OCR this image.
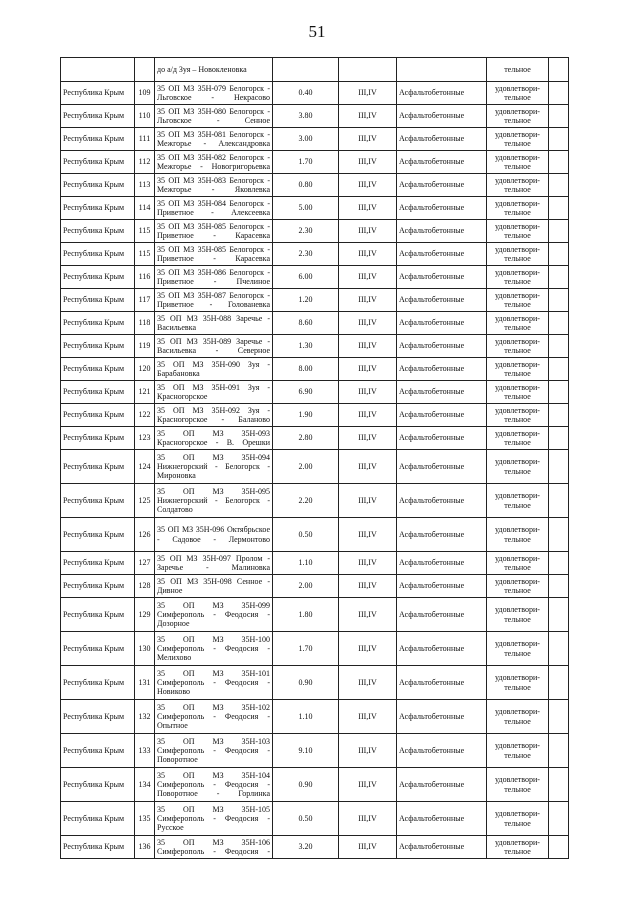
51
		до а/д Зуя – Новокленовка				тельное	
Республика Крым	109	35 ОП МЗ 35Н-079 Белогорск - Льговское - Некрасово	0.40	III,IV	Асфальтобетонные	удовлетвори-тельное	
Республика Крым	110	35 ОП МЗ 35Н-080 Белогорск - Льговское - Сенное	3.80	III,IV	Асфальтобетонные	удовлетвори-тельное	
Республика Крым	111	35 ОП МЗ 35Н-081 Белогорск - Межгорье - Александровка	3.00	III,IV	Асфальтобетонные	удовлетвори-тельное	
Республика Крым	112	35 ОП МЗ 35Н-082 Белогорск - Межгорье - Новогригорьевка	1.70	III,IV	Асфальтобетонные	удовлетвори-тельное	
Республика Крым	113	35 ОП МЗ 35Н-083 Белогорск - Межгорье - Яковлевка	0.80	III,IV	Асфальтобетонные	удовлетвори-тельное	
Республика Крым	114	35 ОП МЗ 35Н-084 Белогорск - Приветное - Алексеевка	5.00	III,IV	Асфальтобетонные	удовлетвори-тельное	
Республика Крым	115	35 ОП МЗ 35Н-085 Белогорск - Приветное - Карасевка	2.30	III,IV	Асфальтобетонные	удовлетвори-тельное	
Республика Крым	115	35 ОП МЗ 35Н-085 Белогорск - Приветное - Карасевка	2.30	III,IV	Асфальтобетонные	удовлетвори-тельное	
Республика Крым	116	35 ОП МЗ 35Н-086 Белогорск - Приветное - Пчелиное	6.00	III,IV	Асфальтобетонные	удовлетвори-тельное	
Республика Крым	117	35 ОП МЗ 35Н-087 Белогорск - Приветное - Голованевка	1.20	III,IV	Асфальтобетонные	удовлетвори-тельное	
Республика Крым	118	35 ОП МЗ 35Н-088 Заречье - Васильевка	8.60	III,IV	Асфальтобетонные	удовлетвори-тельное	
Республика Крым	119	35 ОП МЗ 35Н-089 Заречье - Васильевка - Северное	1.30	III,IV	Асфальтобетонные	удовлетвори-тельное	
Республика Крым	120	35 ОП МЗ 35Н-090 Зуя - Барабановка	8.00	III,IV	Асфальтобетонные	удовлетвори-тельное	
Республика Крым	121	35 ОП МЗ 35Н-091 Зуя - Красногорское	6.90	III,IV	Асфальтобетонные	удовлетвори-тельное	
Республика Крым	122	35 ОП МЗ 35Н-092 Зуя - Красногорское - Баланово	1.90	III,IV	Асфальтобетонные	удовлетвори-тельное	
Республика Крым	123	35 ОП МЗ 35Н-093 Красногорское - В. Орешки	2.80	III,IV	Асфальтобетонные	удовлетвори-тельное	
Республика Крым	124	35 ОП МЗ 35Н-094 Нижнегорский - Белогорск - Мироновка	2.00	III,IV	Асфальтобетонные	удовлетвори-тельное	
Республика Крым	125	35 ОП МЗ 35Н-095 Нижнегорский - Белогорск - Солдатово	2.20	III,IV	Асфальтобетонные	удовлетвори-тельное	
Республика Крым	126	35 ОП МЗ 35Н-096 Октябрьское - Садовое - Лермонтово	0.50	III,IV	Асфальтобетонные	удовлетвори-тельное	
Республика Крым	127	35 ОП МЗ 35Н-097 Пролом - Заречье - Малиновка	1.10	III,IV	Асфальтобетонные	удовлетвори-тельное	
Республика Крым	128	35 ОП МЗ 35Н-098 Сенное - Дивное	2.00	III,IV	Асфальтобетонные	удовлетвори-тельное	
Республика Крым	129	35 ОП МЗ 35Н-099 Симферополь - Феодосия - Дозорное	1.80	III,IV	Асфальтобетонные	удовлетвори-тельное	
Республика Крым	130	35 ОП МЗ 35Н-100 Симферополь - Феодосия - Мелихово	1.70	III,IV	Асфальтобетонные	удовлетвори-тельное	
Республика Крым	131	35 ОП МЗ 35Н-101 Симферополь - Феодосия - Новиково	0.90	III,IV	Асфальтобетонные	удовлетвори-тельное	
Республика Крым	132	35 ОП МЗ 35Н-102 Симферополь - Феодосия - Опытное	1.10	III,IV	Асфальтобетонные	удовлетвори-тельное	
Республика Крым	133	35 ОП МЗ 35Н-103 Симферополь - Феодосия - Поворотное	9.10	III,IV	Асфальтобетонные	удовлетвори-тельное	
Республика Крым	134	35 ОП МЗ 35Н-104 Симферополь - Феодосия - Поворотное - Горлинка	0.90	III,IV	Асфальтобетонные	удовлетвори-тельное	
Республика Крым	135	35 ОП МЗ 35Н-105 Симферополь - Феодосия - Русское	0.50	III,IV	Асфальтобетонные	удовлетвори-тельное	
Республика Крым	136	35 ОП МЗ 35Н-106 Симферополь - Феодосия -	3.20	III,IV	Асфальтобетонные	удовлетвори-тельное	
